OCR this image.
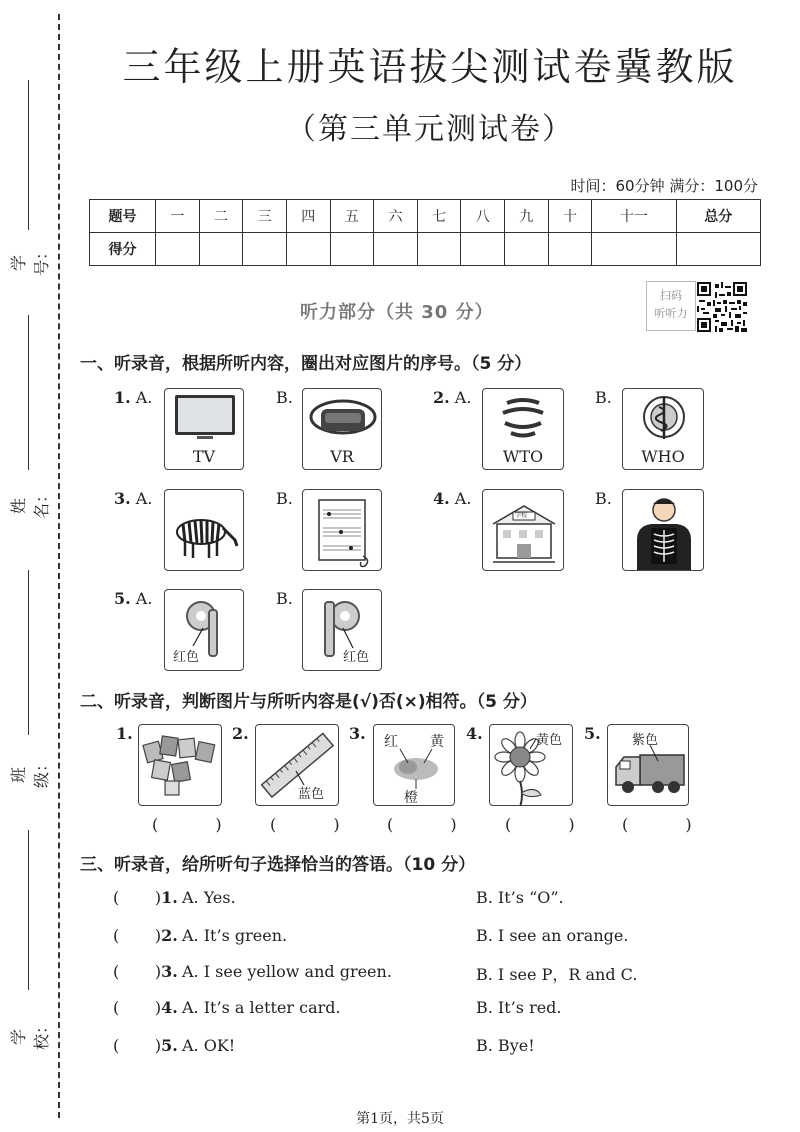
学号：
姓名：
班级：
学校：
三年级上册英语拔尖测试卷冀教版
（第三单元测试卷）
时间：60分钟 满分：100分
题号	一	二	三	四	五	六	七	八	九	十	十一	总分
得分												
听力部分（共 30 分）
扫码
听听力
一、听录音，根据所听内容，圈出对应图片的序号。（5 分）
1. A.
TV
B.
VR
2. A.
WTO
B.
WHO
3. A.	B.	4. A.
学校
B.
5. A.
红色
B.
红色
二、听录音，判断图片与所听内容是(√)否(×)相符。（5 分）
1.
( )
2.
蓝色
( )
3. 红 黄
橙
( )
4.	黄色
( )
5. 紫色
( )
三、听录音，给所听句子选择恰当的答语。（10 分）
(       )1. A. Yes.	B. It’s “O”.
(       )2. A. It’s green.	B. I see an orange.
(       )3. A. I see yellow and green.	B. I see P，R and C.
(       )4. A. It’s a letter card.	B. It’s red.
(       )5. A. OK!	B. Bye!
第1页，共5页
